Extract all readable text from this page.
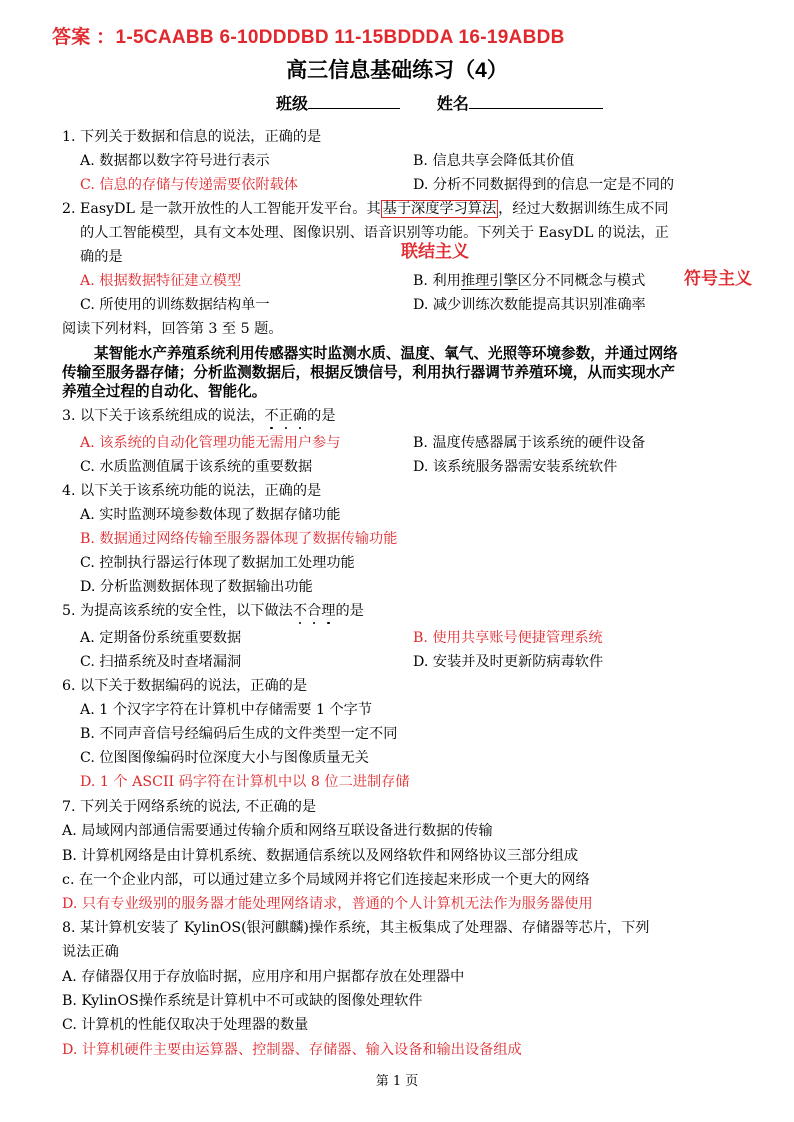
答案 ：1-5CAABB 6-10DDDBD 11-15BDDDA 16-19ABDB
高三信息基础练习（4）
班级	姓名
1. 下列关于数据和信息的说法，正确的是
A. 数据都以数字符号进行表示	B. 信息共享会降低其价值
C. 信息的存储与传递需要依附载体	D. 分析不同数据得到的信息一定是不同的
2. EasyDL 是一款开放性的人工智能开发平台。其 基于深度学习算法 ，经过大数据训练生成不同
的人工智能模型，具有文本处理、图像识别、语音识别等功能。下列关于 EasyDL 的说法，正
联结主义
确的是
A. 根据数据特征建立模型	B. 利用推理引擎区分不同概念与模式 符号主义
C. 所使用的训练数据结构单一	D. 减少训练次数能提高其识别准确率
阅读下列材料，回答第 3 至 5 题。
某智能水产养殖系统利用传感器实时监测水质、温度、氧气、光照等环境参数，并通过网络
传输至服务器存储；分析监测数据后，根据反馈信号，利用执行器调节养殖环境，从而实现水产
养殖全过程的自动化、智能化。
3. 以下关于该系统组成的说法，不正确的是
A. 该系统的自动化管理功能无需用户参与	B. 温度传感器属于该系统的硬件设备
C. 水质监测值属于该系统的重要数据	D. 该系统服务器需安装系统软件
4. 以下关于该系统功能的说法，正确的是
A. 实时监测环境参数体现了数据存储功能
B. 数据通过网络传输至服务器体现了数据传输功能
C. 控制执行器运行体现了数据加工处理功能
D. 分析监测数据体现了数据输出功能
5. 为提高该系统的安全性，以下做法不合理的是
A. 定期备份系统重要数据	B. 使用共享账号便捷管理系统
C. 扫描系统及时查堵漏洞	D. 安装并及时更新防病毒软件
6. 以下关于数据编码的说法，正确的是
A. 1 个汉字字符在计算机中存储需要 1 个字节
B. 不同声音信号经编码后生成的文件类型一定不同
C. 位图图像编码时位深度大小与图像质量无关
D. 1 个 ASCII 码字符在计算机中以 8 位二进制存储
7. 下列关于网络系统的说法, 不正确的是
A. 局域网内部通信需要通过传输介质和网络互联设备进行数据的传输
B. 计算机网络是由计算机系统、数据通信系统以及网络软件和网络协议三部分组成
c. 在一个企业内部，可以通过建立多个局域网并将它们连接起来形成一个更大的网络
D. 只有专业级别的服务器才能处理网络请求，普通的个人计算机无法作为服务器使用
8. 某计算机安装了 KylinOS(银河麒麟)操作系统，其主板集成了处理器、存储器等芯片，下列
说法正确
A. 存储器仅用于存放临时据，应用序和用户据都存放在处理器中
B. KylinOS操作系统是计算机中不可或缺的图像处理软件
C. 计算机的性能仅取决于处理器的数量
D. 计算机硬件主要由运算器、控制器、存储器、输入设备和输出设备组成
第 1 页
